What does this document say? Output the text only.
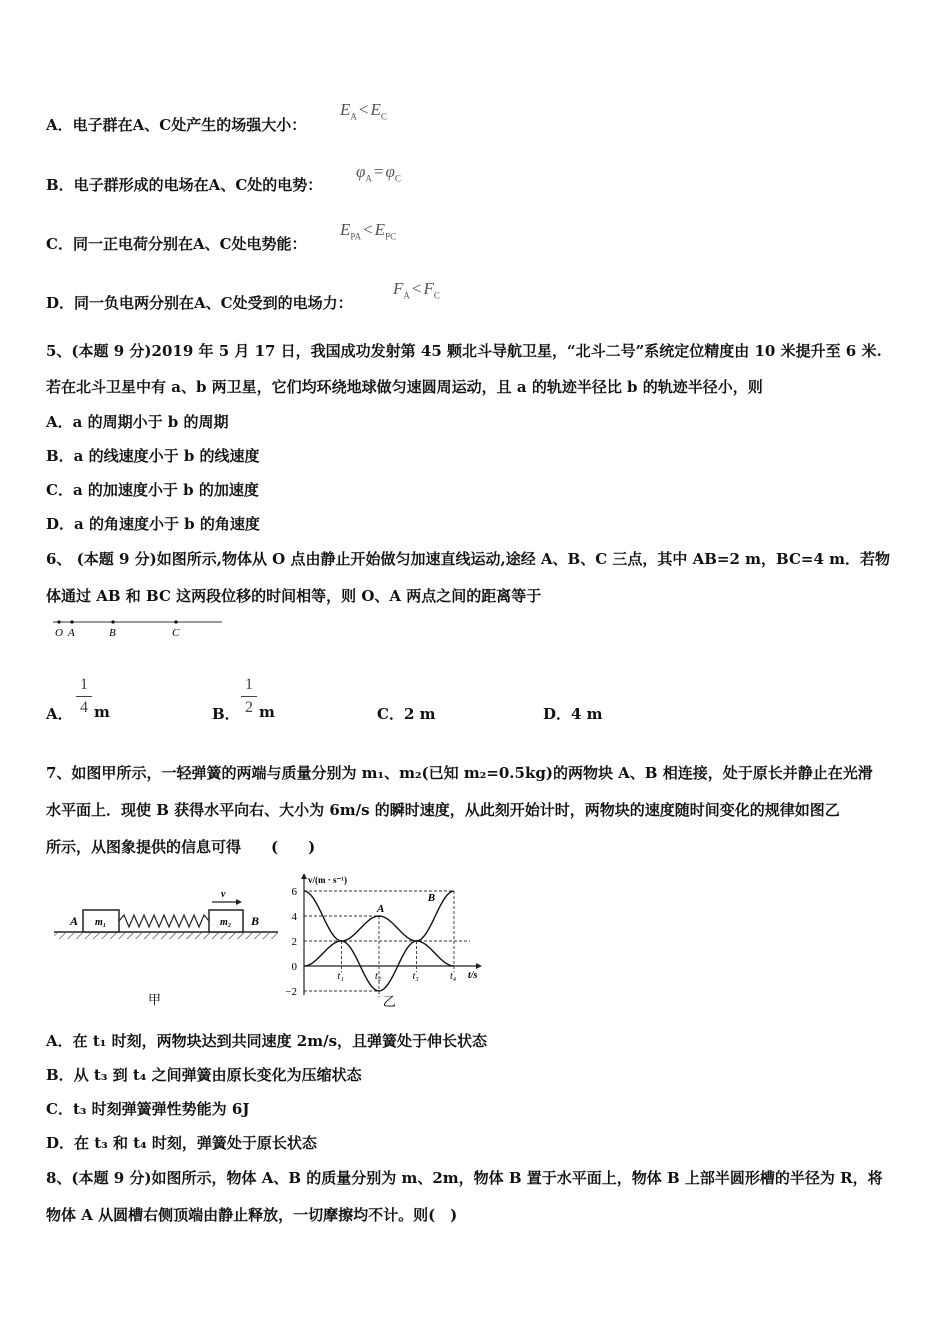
A．电子群在A、C处产生的场强大小：
$E_A < E_C$
B．电子群形成的电场在A、C处的电势：
$\varphi_A = \varphi_C$
C．同一正电荷分别在A、C处电势能：
$E_{PA} < E_{PC}$
D．同一负电两分别在A、C处受到的电场力：
$F_A < F_C$
5、(本题 9 分)2019 年 5 月 17 日，我国成功发射第 45 颗北斗导航卫星，“北斗二号”系统定位精度由 10 米提升至 6 米.
若在北斗卫星中有 a、b 两卫星，它们均环绕地球做匀速圆周运动，且 a 的轨迹半径比 b 的轨迹半径小，则
A．a 的周期小于 b 的周期
B．a 的线速度小于 b 的线速度
C．a 的加速度小于 b 的加速度
D．a 的角速度小于 b 的角速度
6、 (本题 9 分)如图所示,物体从 O 点由静止开始做匀加速直线运动,途经 A、B、C 三点，其中 AB=2 m，BC=4 m．若物
体通过 AB 和 BC 这两段位移的时间相等，则 O、A 两点之间的距离等于
O A	B	C
A．
1
4 m	B．
1
2 m	C．2 m	D．4 m
7、如图甲所示，一轻弹簧的两端与质量分别为 m₁、m₂(已知 m₂=0.5kg)的两物块 A、B 相连接，处于原长并静止在光滑
水平面上．现使 B 获得水平向右、大小为 6m/s 的瞬时速度，从此刻开始计时，两物块的速度随时间变化的规律如图乙
所示，从图象提供的信息可得　　(　　)
m₁	m₂
A	B
v
甲
v/(m · s⁻¹)
t/s
−2
0
2
4
6
t₁	t₂	t₃	t₄
A
B
乙
A．在 t₁ 时刻，两物块达到共同速度 2m/s，且弹簧处于伸长状态
B．从 t₃ 到 t₄ 之间弹簧由原长变化为压缩状态
C．t₃ 时刻弹簧弹性势能为 6J
D．在 t₃ 和 t₄ 时刻，弹簧处于原长状态
8、(本题 9 分)如图所示，物体 A、B 的质量分别为 m、2m，物体 B 置于水平面上，物体 B 上部半圆形槽的半径为 R，将
物体 A 从圆槽右侧顶端由静止释放，一切摩擦均不计。则(　)
